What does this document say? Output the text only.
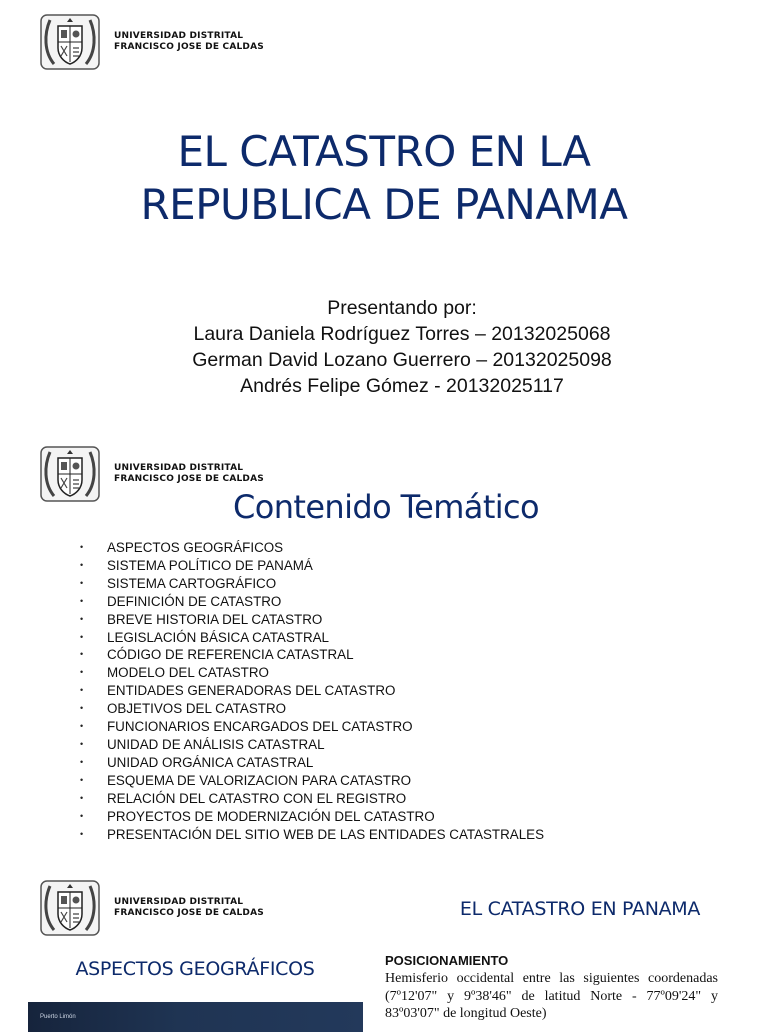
UNIVERSIDAD DISTRITAL
FRANCISCO JOSE DE CALDAS
EL CATASTRO EN LA
REPUBLICA DE PANAMA
Presentando por:
Laura Daniela Rodríguez Torres – 20132025068
German David Lozano Guerrero – 20132025098
Andrés Felipe Gómez - 20132025117
UNIVERSIDAD DISTRITAL
FRANCISCO JOSE DE CALDAS
Contenido Temático
•	ASPECTOS GEOGRÁFICOS
•	SISTEMA POLÍTICO DE PANAMÁ
•	SISTEMA CARTOGRÁFICO
•	DEFINICIÓN DE CATASTRO
•	BREVE HISTORIA DEL CATASTRO
•	LEGISLACIÓN BÁSICA CATASTRAL
•	CÓDIGO DE REFERENCIA CATASTRAL
•	MODELO DEL CATASTRO
•	ENTIDADES GENERADORAS DEL CATASTRO
•	OBJETIVOS DEL CATASTRO
•	FUNCIONARIOS ENCARGADOS DEL CATASTRO
•	UNIDAD DE ANÁLISIS CATASTRAL
•	UNIDAD ORGÁNICA CATASTRAL
•	ESQUEMA DE VALORIZACION PARA CATASTRO
•	RELACIÓN DEL CATASTRO CON EL REGISTRO
•	PROYECTOS DE MODERNIZACIÓN DEL CATASTRO
•	PRESENTACIÓN DEL SITIO WEB DE LAS ENTIDADES CATASTRALES
UNIVERSIDAD DISTRITAL
FRANCISCO JOSE DE CALDAS	EL CATASTRO EN PANAMA
ASPECTOS GEOGRÁFICOS	POSICIONAMIENTO
Hemisferio occidental entre las siguientes coordenadas (7º12'07" y 9º38'46" de latitud Norte - 77º09'24" y 83º03'07" de longitud Oeste)
Puerto Limón
